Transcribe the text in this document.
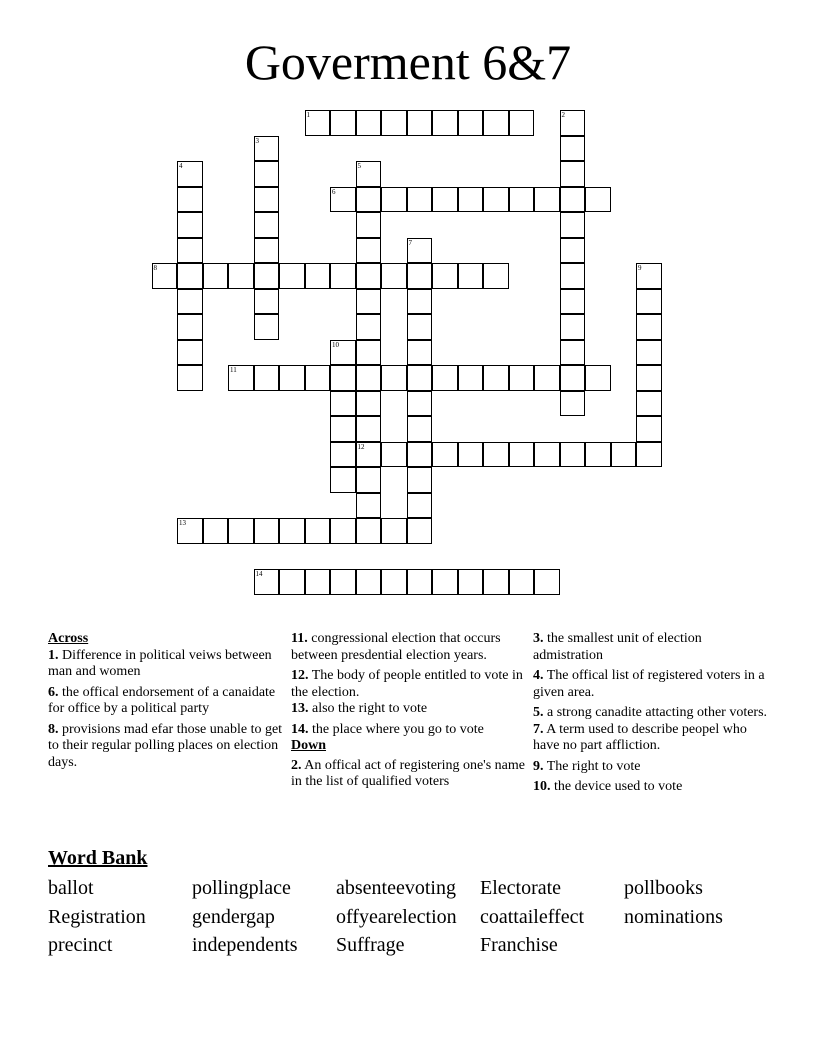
Goverment 6&7
1	2
3
4	5
12
6
7
8	9
10
11
13
14
Across
1. Difference in political veiws between man and women
6. the offical endorsement of a canaidate for office by a political party
8. provisions mad efar those unable to get to their regular polling places on election days.
11. congressional election that occurs between presdential election years.
12. The body of people entitled to vote in the election.
13. also the right to vote
14. the place where you go to vote
Down
2. An offical act of registering one's name in the list of qualified voters
3. the smallest unit of election admistration
4. The offical list of registered voters in a given area.
5. a strong canadite attacting other voters.
7. A term used to describe peopel who have no part affliction.
9. The right to vote
10. the device used to vote
Word Bank
ballot	pollingplace	absenteevoting	Electorate	pollbooks
Registration	gendergap	offyearelection	coattaileffect	nominations
precinct	independents	Suffrage	Franchise
